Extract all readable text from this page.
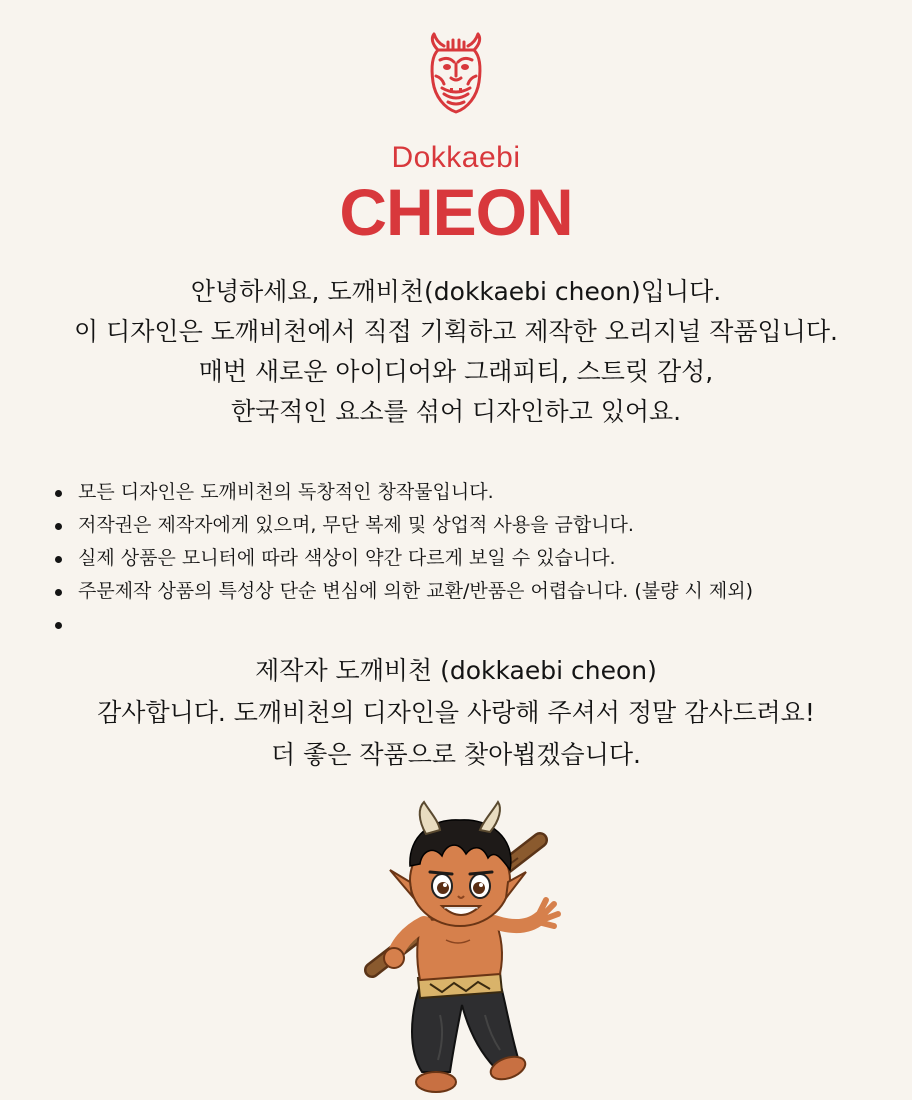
Dokkaebi
CHEON
안녕하세요, 도깨비천(dokkaebi cheon)입니다.
이 디자인은 도깨비천에서 직접 기획하고 제작한 오리지널 작품입니다.
매번 새로운 아이디어와 그래피티, 스트릿 감성,
한국적인 요소를 섞어 디자인하고 있어요.
모든 디자인은 도깨비천의 독창적인 창작물입니다.
저작권은 제작자에게 있으며, 무단 복제 및 상업적 사용을 금합니다.
실제 상품은 모니터에 따라 색상이 약간 다르게 보일 수 있습니다.
주문제작 상품의 특성상 단순 변심에 의한 교환/반품은 어렵습니다. (불량 시 제외)
제작자 도깨비천 (dokkaebi cheon)
감사합니다. 도깨비천의 디자인을 사랑해 주셔서 정말 감사드려요!
더 좋은 작품으로 찾아뵙겠습니다.
